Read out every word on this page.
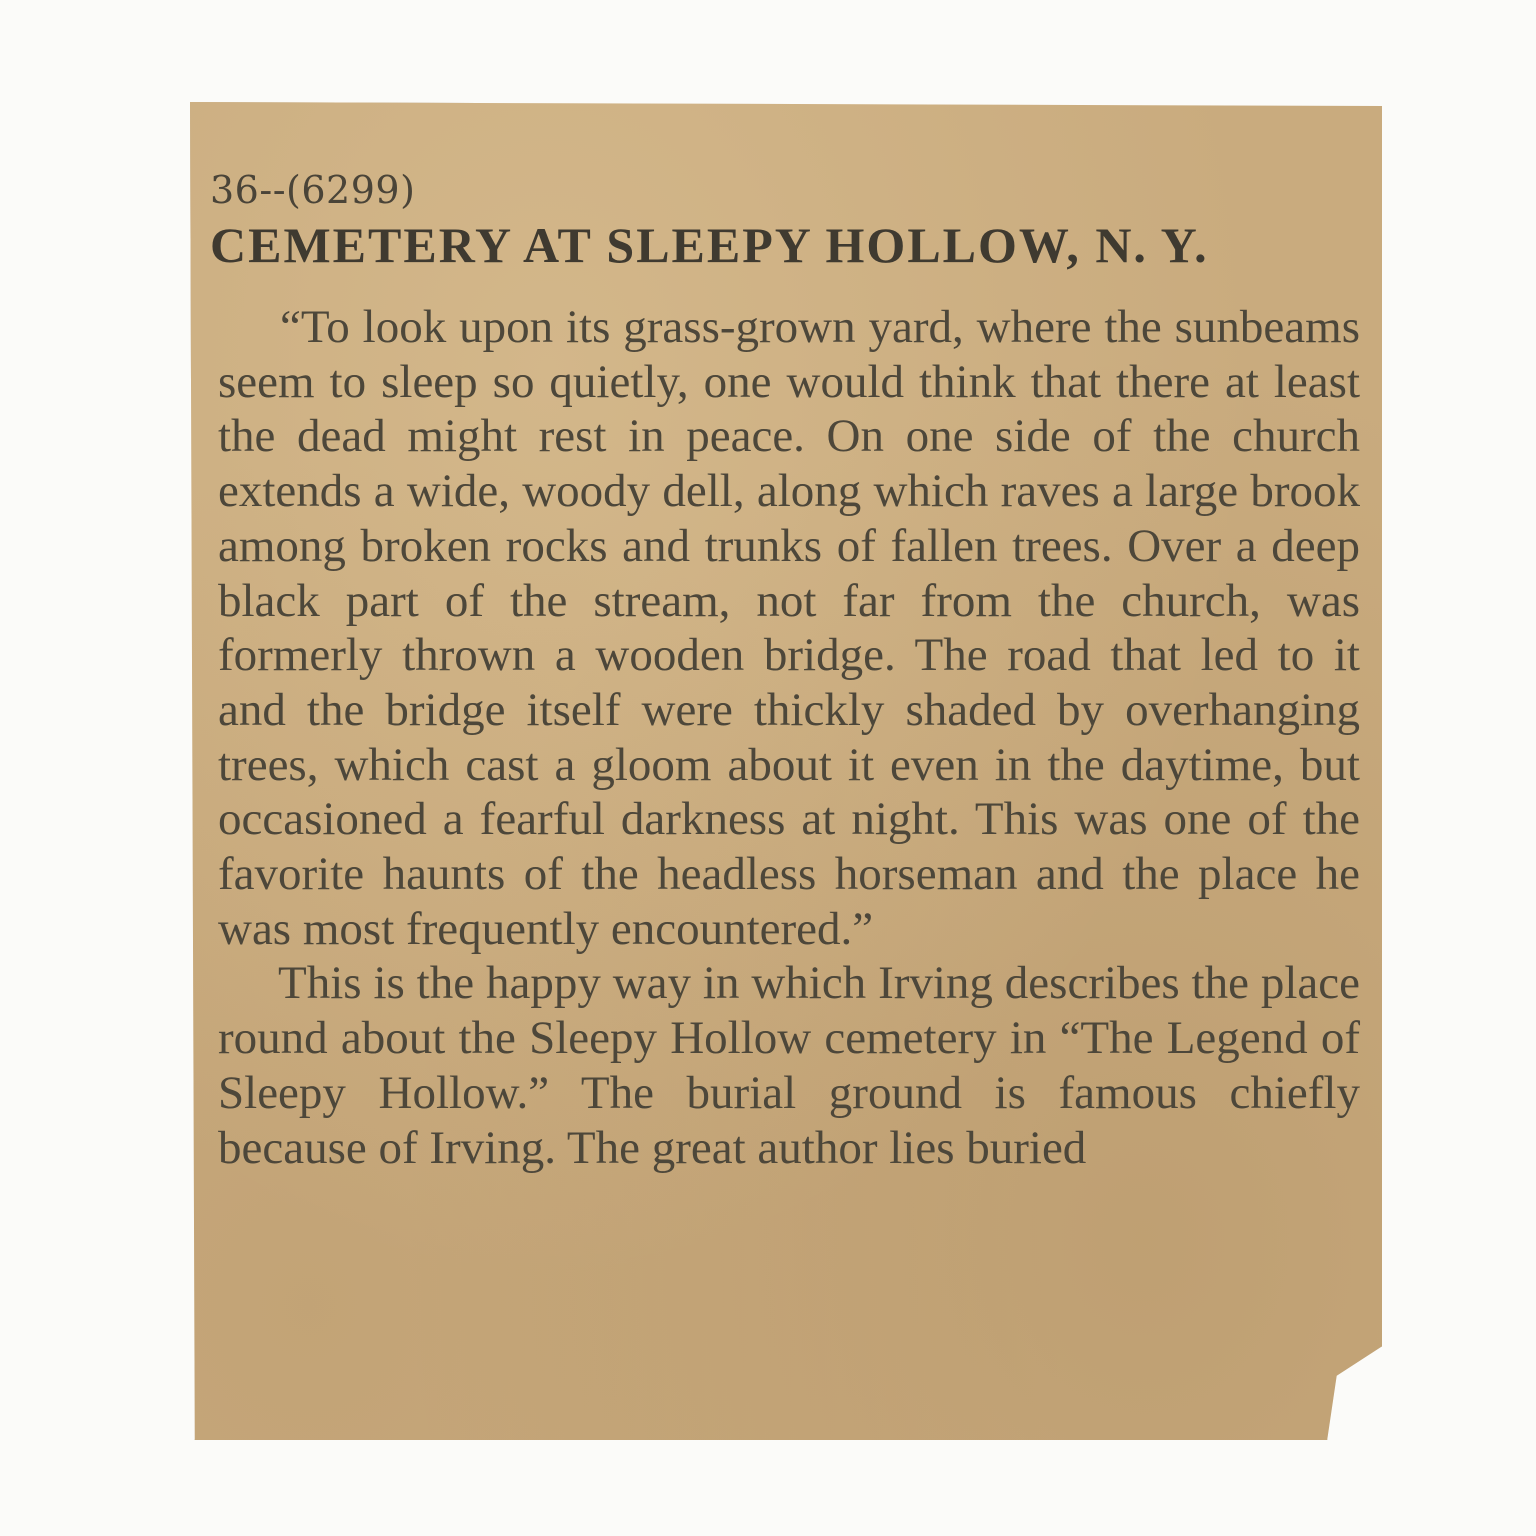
36--(6299)
CEMETERY AT SLEEPY HOLLOW, N. Y.

“To look upon its grass-grown yard, where the sunbeams seem to sleep so quietly, one would think that there at least the dead might rest in peace. On one side of the church extends a wide, woody dell, along which raves a large brook among broken rocks and trunks of fallen trees. Over a deep black part of the stream, not far from the church, was formerly thrown a wooden bridge. The road that led to it and the bridge itself were thickly shaded by overhanging trees, which cast a gloom about it even in the daytime, but occasioned a fearful darkness at night. This was one of the favorite haunts of the headless horseman and the place he was most frequently encountered.”

This is the happy way in which Irving describes the place round about the Sleepy Hollow cemetery in “The Legend of Sleepy Hollow.” The burial ground is famous chiefly because of Irving. The great author lies buried
